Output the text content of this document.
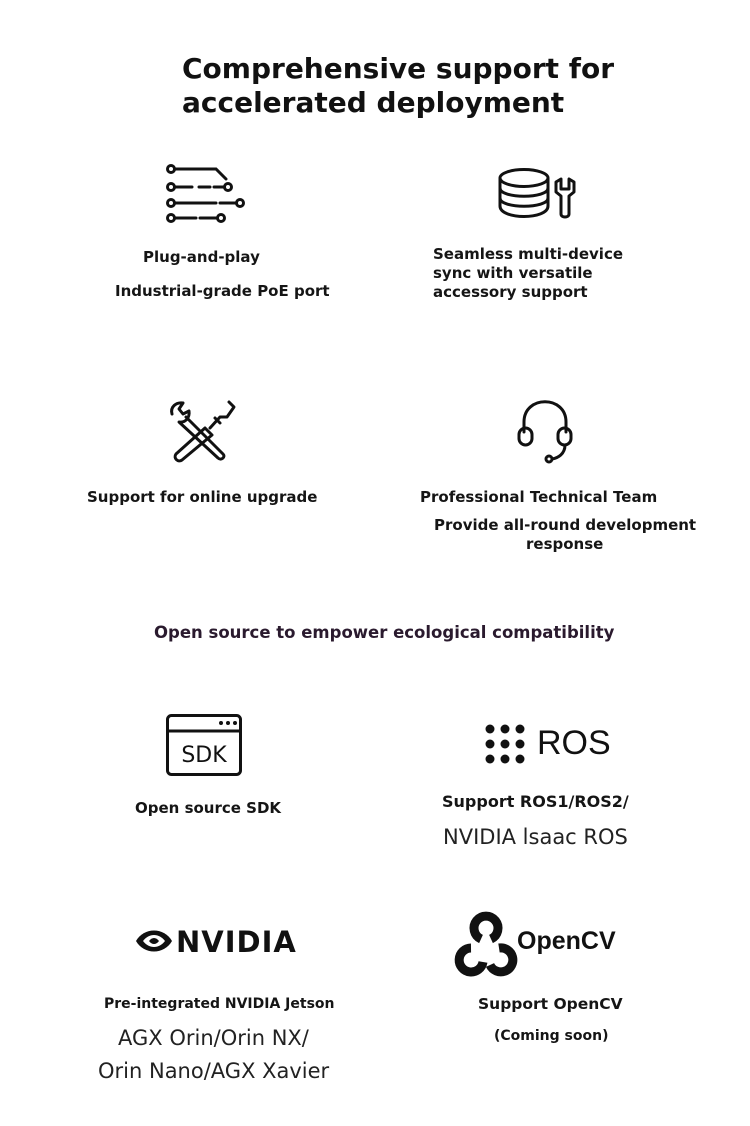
Comprehensive support for
accelerated deployment
Plug-and-play
Industrial-grade PoE port
Seamless multi-device
sync with versatile
accessory support
Support for online upgrade	Professional Technical Team
Provide all-round development
response
Open source to empower ecological compatibility
SDK
Open source SDK
ROS
Support ROS1/ROS2/
NVIDIA lsaac ROS
NVIDIA
Pre-integrated NVIDIA Jetson
AGX Orin/Orin NX/
Orin Nano/AGX Xavier
OpenCV
Support OpenCV
(Coming soon)
